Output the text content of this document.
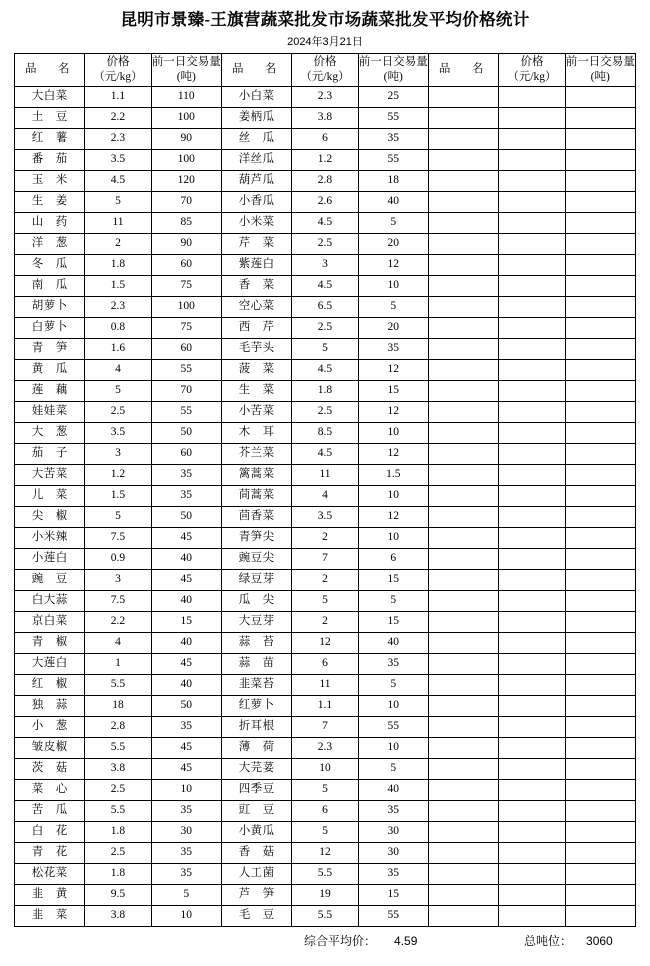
昆明市景臻-王旗营蔬菜批发市场蔬菜批发平均价格统计
2024年3月21日
品　名	价格（元/kg）	前一日交易量(吨)	品　名	价格（元/kg）	前一日交易量(吨)	品　名	价格（元/kg）	前一日交易量(吨)
大白菜	1.1	110	小白菜	2.3	25			
土　豆	2.2	100	姜柄瓜	3.8	55			
红　薯	2.3	90	丝　瓜	6	35			
番　茄	3.5	100	洋丝瓜	1.2	55			
玉　米	4.5	120	葫芦瓜	2.8	18			
生　姜	5	70	小香瓜	2.6	40			
山　药	11	85	小米菜	4.5	5			
洋　葱	2	90	芹　菜	2.5	20			
冬　瓜	1.8	60	紫莲白	3	12			
南　瓜	1.5	75	香　菜	4.5	10			
胡萝卜	2.3	100	空心菜	6.5	5			
白萝卜	0.8	75	西　芹	2.5	20			
青　笋	1.6	60	毛芋头	5	35			
黄　瓜	4	55	菠　菜	4.5	12			
莲　藕	5	70	生　菜	1.8	15			
娃娃菜	2.5	55	小苦菜	2.5	12			
大　葱	3.5	50	木　耳	8.5	10			
茄　子	3	60	芥兰菜	4.5	12			
大苦菜	1.2	35	篱蒿菜	11	1.5			
儿　菜	1.5	35	茼蒿菜	4	10			
尖　椒	5	50	茴香菜	3.5	12			
小米辣	7.5	45	青笋尖	2	10			
小莲白	0.9	40	豌豆尖	7	6			
豌　豆	3	45	绿豆芽	2	15			
白大蒜	7.5	40	瓜　尖	5	5			
京白菜	2.2	15	大豆芽	2	15			
青　椒	4	40	蒜　苔	12	40			
大莲白	1	45	蒜　苗	6	35			
红　椒	5.5	40	韭菜苔	11	5			
独　蒜	18	50	红萝卜	1.1	10			
小　葱	2.8	35	折耳根	7	55			
皱皮椒	5.5	45	薄　荷	2.3	10			
茨　菇	3.8	45	大芫荽	10	5			
菜　心	2.5	10	四季豆	5	40			
苦　瓜	5.5	35	豇　豆	6	35			
白　花	1.8	30	小黄瓜	5	30			
青　花	2.5	35	香　菇	12	30			
松花菜	1.8	35	人工菌	5.5	35			
韭　黄	9.5	5	芦　笋	19	15			
韭　菜	3.8	10	毛　豆	5.5	55			
综合平均价： 4.59	总吨位： 3060
